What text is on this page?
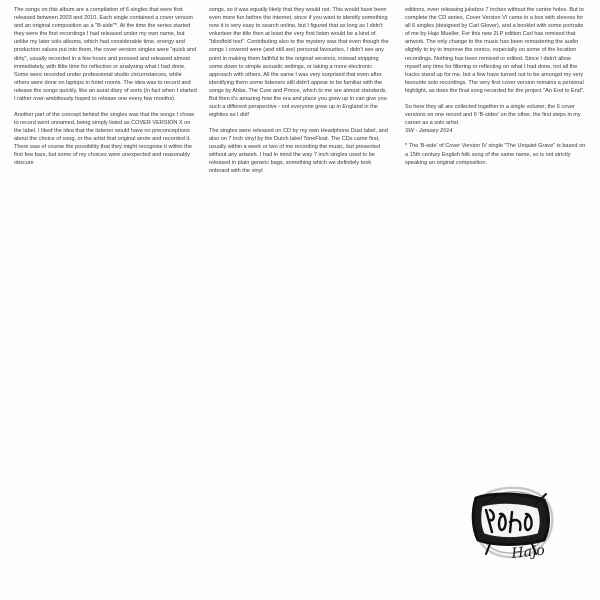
The songs on this album are a compilation of 6 singles that were first released between 2003 and 2010. Each single contained a cover version and an original composition as a "B-side"*. At the time the series started they were the first recordings I had released under my own name, but unlike my later solo albums, which had considerable time, energy and production values put into them, the cover version singles were "quick and dirty", usually recorded in a few hours and pressed and released almost immediately, with little time for reflection or analysing what I had done. Some were recorded under professional studio circumstances, while others were done on laptops in hotel rooms. The idea was to record and release the songs quickly, like an aural diary of sorts (in fact when I started I rather over-ambitiously hoped to release one every few months).

Another part of the concept behind the singles was that the songs I chose to record went unnamed, being simply listed as COVER VERSION X on the label. I liked the idea that the listener would have no preconceptions about the choice of song, or the artist that original wrote and recorded it. There was of course the possibility that they might recognise it within the first few bars, but some of my choices were unexpected and reasonably obscure

songs, so it was equally likely that they would not. This would have been even more fun before the internet, since if you want to identify something now it is very easy to search online, but I figured that as long as I didn't volunteer the title then at least the very first listen would be a kind of "blindfold test". Contributing also to the mystery was that even though the songs I covered were (and still are) personal favourites, I didn't see any point in making them faithful to the original versions, instead stripping some down to simple acoustic settings, or taking a more electronic approach with others. All the same I was very surprised that even after identifying them some listeners still didn't appear to be familiar with the songs by Abba, The Cure and Prince, which to me are almost standards. But then it's amazing how the era and place you grew up in can give you such a different perspective - not everyone grew up in England in the eighties as I did!

The singles were released on CD by my own Headphone Dust label, and also on 7 inch vinyl by the Dutch label ToneFloat. The CDs came first, usually within a week or two of me recording the music, but presented without any artwork. I had in mind the way 7 inch singles used to be released in plain generic bags, something which we definitely took onboard with the vinyl

editions, even releasing jukebox 7 inches without the centre holes. But to complete the CD series, Cover Version VI came in a box with sleeves for all 6 singles (designed by Carl Glover), and a booklet with some portraits of me by Hajo Mueller. For this new 2LP edition Carl has remixed that artwork. The only change to the music has been remastering the audio slightly to try to improve the sonics, especially on some of the location recordings. Nothing has been remixed or edited. Since I didn't allow myself any time for filtering or reflecting on what I had done, not all the tracks stand up for me, but a few have turned out to be amongst my very favourite solo recordings. The very first cover version remains a personal highlight, as does the final song recorded for the project "An End to End".

So here they all are collected together in a single volume; the 6 cover versions on one record and 6 'B-sides' on the other, the first steps in my career as a solo artist.
SW - January 2014

* The 'B-side' of Cover Version IV single "The Unquiet Grave" is based on a 15th century English folk song of the same name, so is not strictly speaking an original composition.

Hajo
